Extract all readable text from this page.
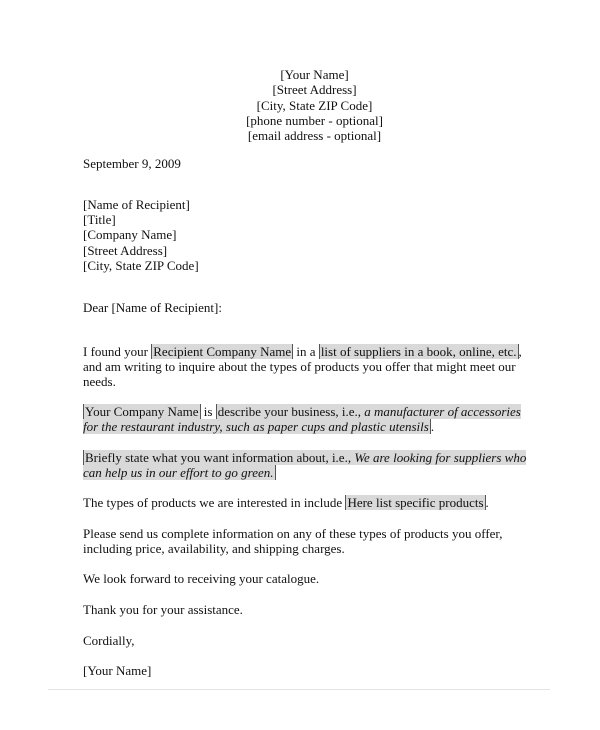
[Your Name]
[Street Address]
[City, State ZIP Code]
[phone number - optional]
[email address - optional]
September 9, 2009
[Name of Recipient]
[Title]
[Company Name]
[Street Address]
[City, State ZIP Code]
Dear [Name of Recipient]:
I found your Recipient Company Name in a list of suppliers in a book, online, etc. , and am writing to inquire about the types of products you offer that might meet our needs.
Your Company Name is describe your business, i.e., a manufacturer of accessories for the restaurant industry, such as paper cups and plastic utensils .
Briefly state what you want information about, i.e., We are looking for suppliers who can help us in our effort to go green.
The types of products we are interested in include Here list specific products .
Please send us complete information on any of these types of products you offer, including price, availability, and shipping charges.
We look forward to receiving your catalogue.
Thank you for your assistance.
Cordially,
[Your Name]
